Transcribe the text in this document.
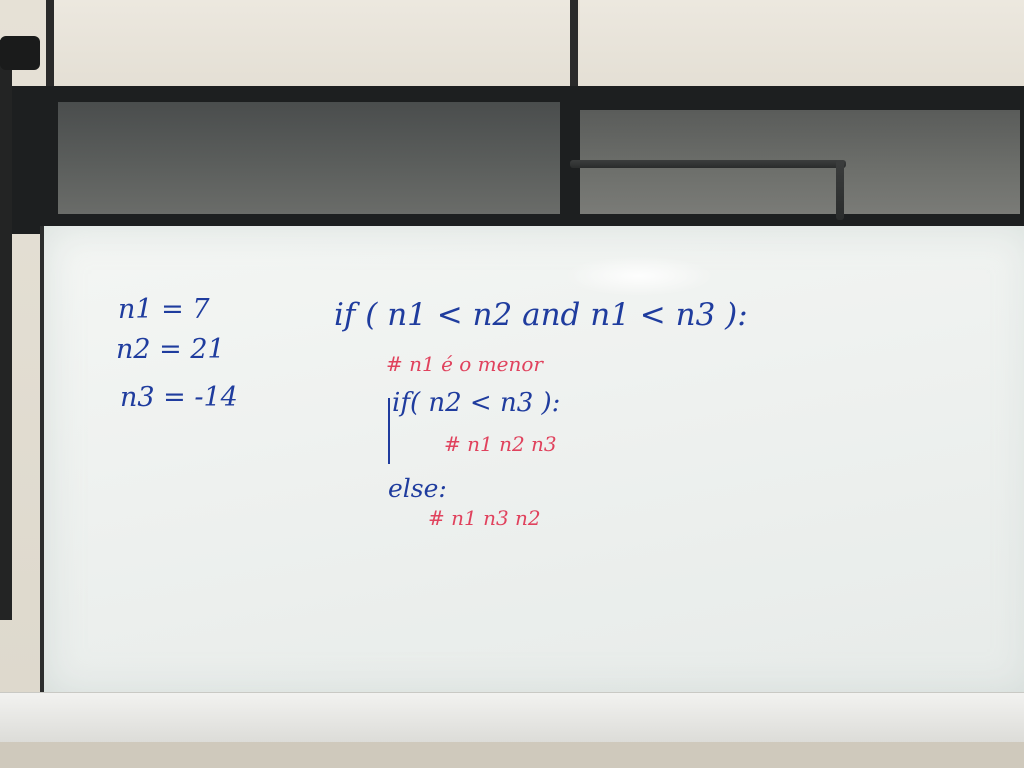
n1 = 7

n2 = 21

n3 = -14

if ( n1 < n2 and n1 < n3 ):

# n1 é o menor

if( n2 < n3 ):

# n1 n2 n3

else:

# n1 n3 n2
